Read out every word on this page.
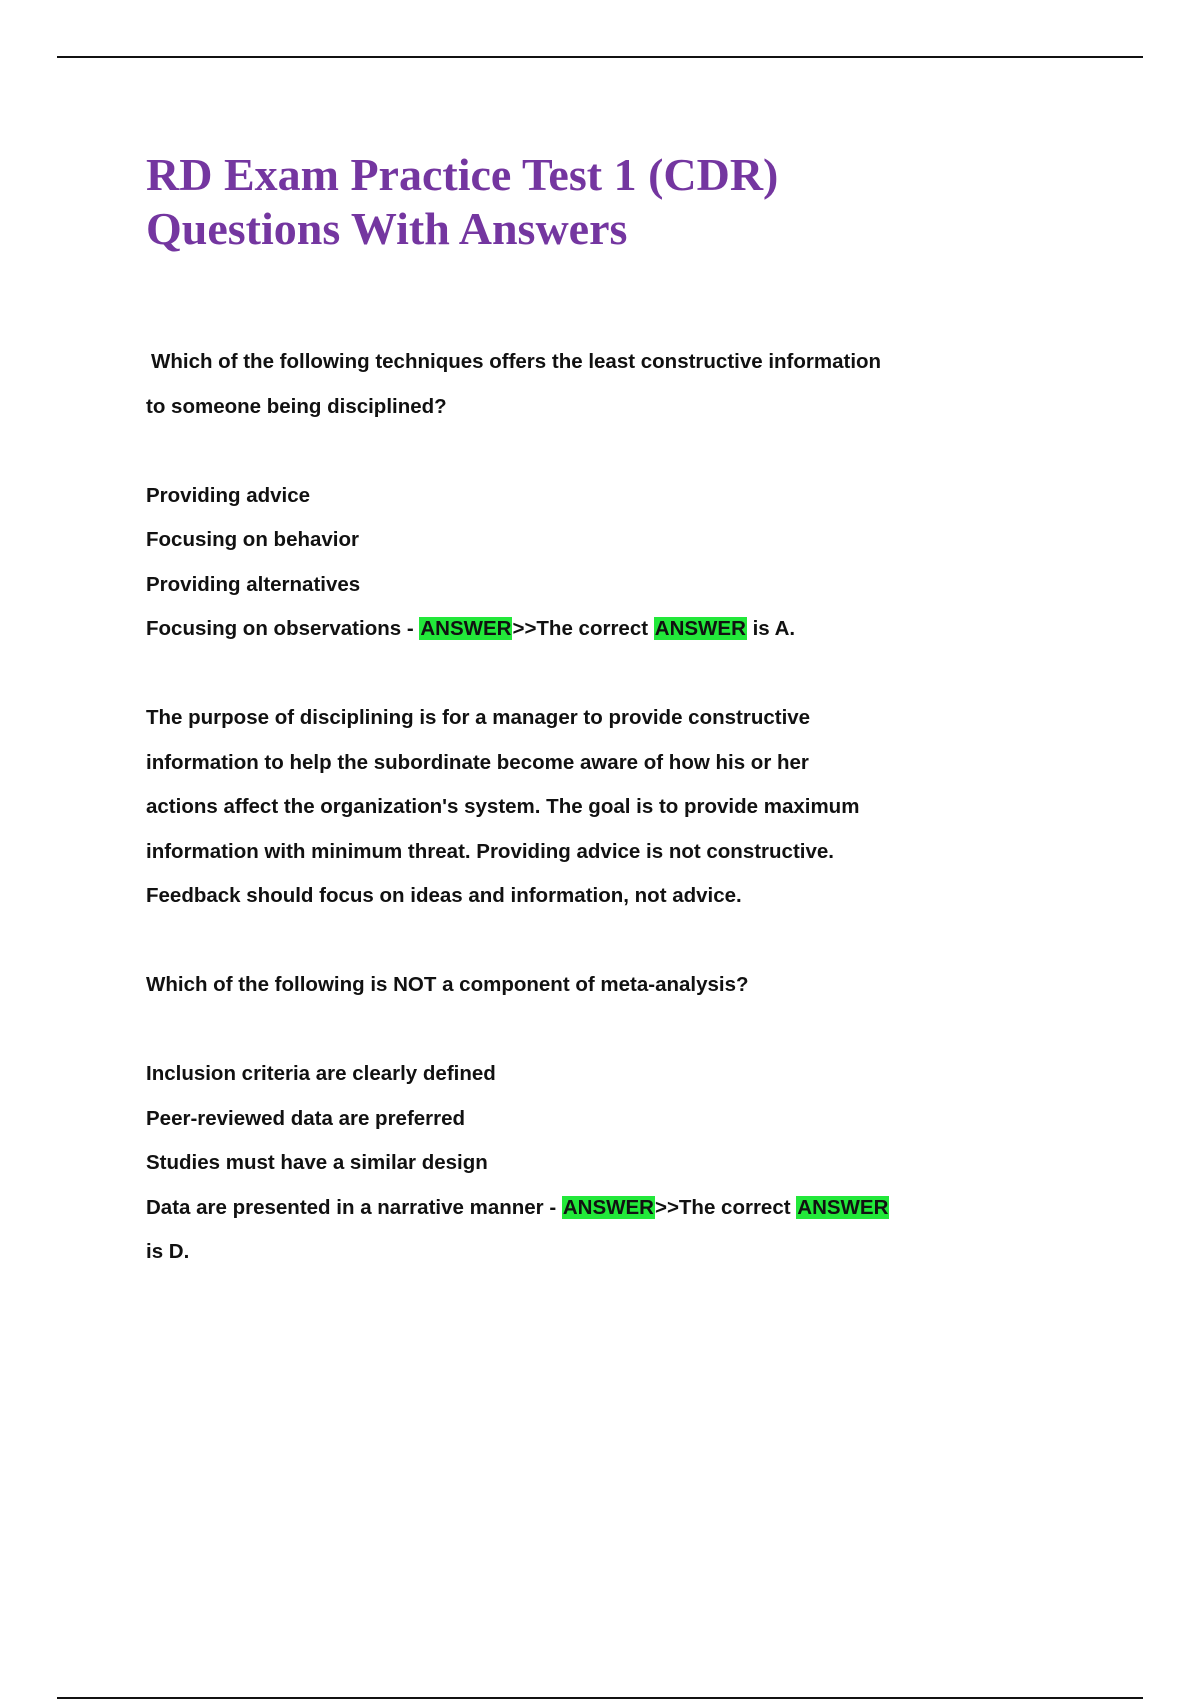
RD Exam Practice Test 1 (CDR)
Questions With Answers

Which of the following techniques offers the least constructive information

to someone being disciplined?

Providing advice

Focusing on behavior

Providing alternatives

Focusing on observations - ANSWER>>The correct ANSWER is A.

The purpose of disciplining is for a manager to provide constructive

information to help the subordinate become aware of how his or her

actions affect the organization's system. The goal is to provide maximum

information with minimum threat. Providing advice is not constructive.

Feedback should focus on ideas and information, not advice.

Which of the following is NOT a component of meta-analysis?

Inclusion criteria are clearly defined

Peer-reviewed data are preferred

Studies must have a similar design

Data are presented in a narrative manner - ANSWER>>The correct ANSWER

is D.
